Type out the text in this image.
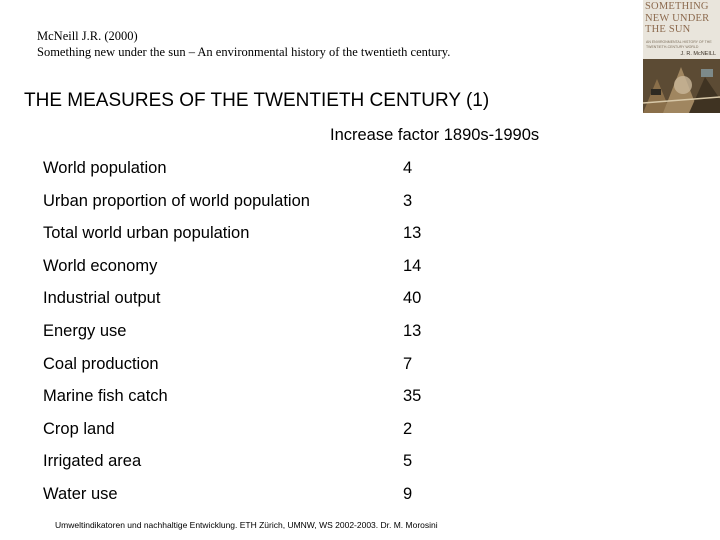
McNeill J.R. (2000)
Something new under the sun – An environmental history of the twentieth century.
SOMETHING
NEW UNDER
THE SUN
AN ENVIRONMENTAL HISTORY OF THE TWENTIETH-CENTURY WORLD
J. R. McNEILL
THE MEASURES OF THE TWENTIETH CENTURY (1)
Increase factor 1890s-1990s
World population	4
Urban proportion of world population	3
Total world urban population	13
World economy	14
Industrial output	40
Energy use	13
Coal production	7
Marine fish catch	35
Crop land	2
Irrigated area	5
Water use	9
Umweltindikatoren und nachhaltige Entwicklung. ETH Zürich, UMNW, WS 2002-2003. Dr. M. Morosini
